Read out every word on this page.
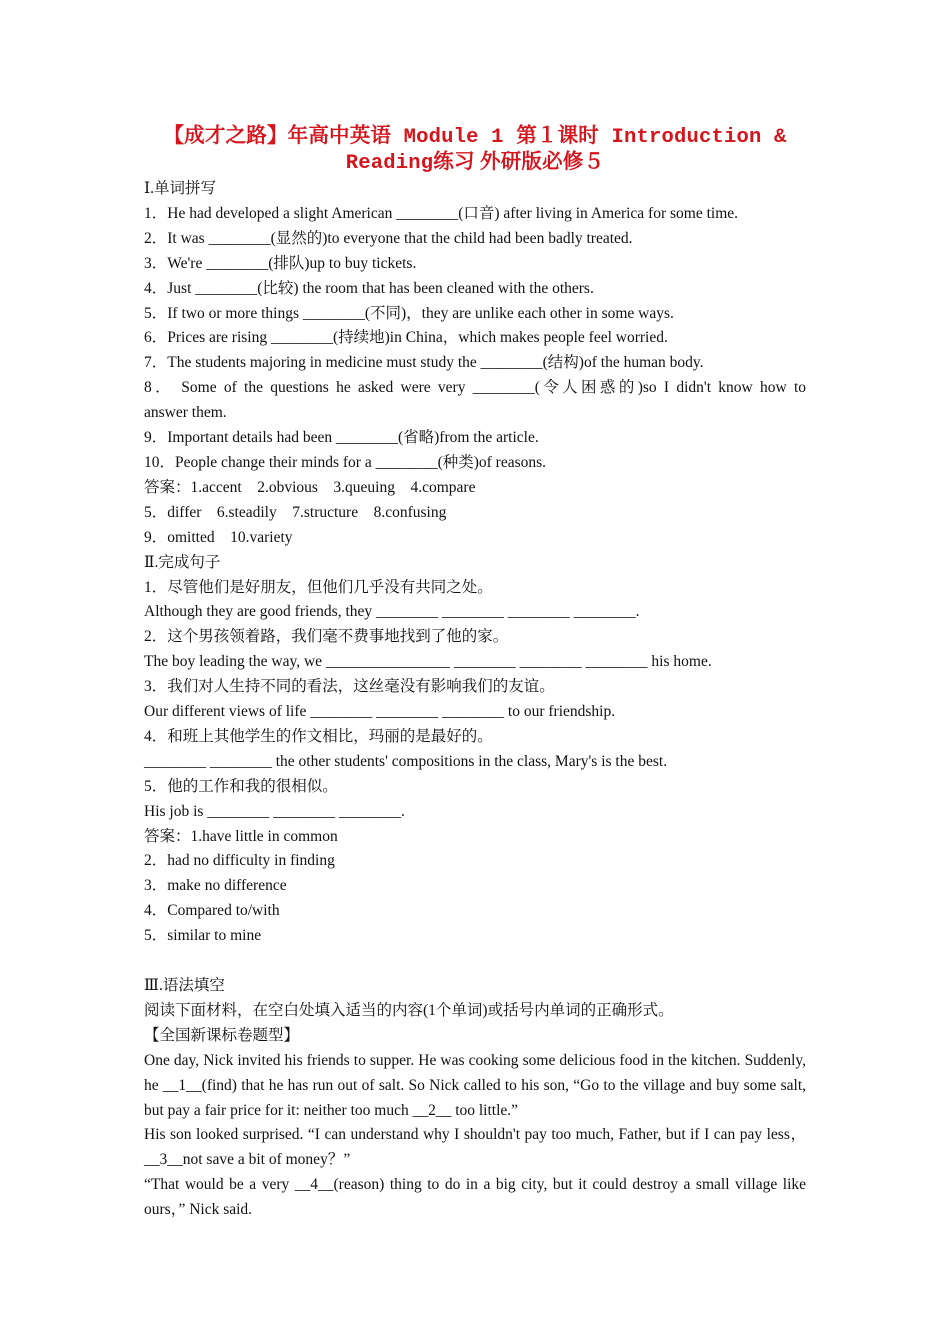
【成才之路】年高中英语 Module 1 第１课时 Introduction &
Reading练习 外研版必修５
Ⅰ.单词拼写
1．He had developed a slight American ________(口音) after living in America for some time.
2．It was ________(显然的)to everyone that the child had been badly treated.
3．We're ________(排队)up to buy tickets.
4．Just ________(比较) the room that has been cleaned with the others.
5．If two or more things ________(不同)，they are unlike each other in some ways.
6．Prices are rising ________(持续地)in China，which makes people feel worried.
7．The students majoring in medicine must study the ________(结构)of the human body.
8． Some of the questions he asked were very ________(令人困惑的)so I didn't know how to
answer them.
9．Important details had been ________(省略)from the article.
10．People change their minds for a ________(种类)of reasons.
答案：1.accent　2.obvious　3.queuing　4.compare
5．differ　6.steadily　7.structure　8.confusing
9．omitted　10.variety
Ⅱ.完成句子
1．尽管他们是好朋友，但他们几乎没有共同之处。
Although they are good friends, they ________ ________ ________ ________.
2．这个男孩领着路，我们毫不费事地找到了他的家。
The boy leading the way, we ________________ ________ ________ ________ his home.
3．我们对人生持不同的看法，这丝毫没有影响我们的友谊。
Our different views of life ________ ________ ________ to our friendship.
4．和班上其他学生的作文相比，玛丽的是最好的。
________ ________ the other students' compositions in the class, Mary's is the best.
5．他的工作和我的很相似。
His job is ________ ________ ________.
答案：1.have little in common
2．had no difficulty in finding
3．make no difference
4．Compared to/with
5．similar to mine
Ⅲ.语法填空
阅读下面材料，在空白处填入适当的内容(1个单词)或括号内单词的正确形式。
【全国新课标卷题型】
One day, Nick invited his friends to supper. He was cooking some delicious food in the kitchen. Suddenly, he __1__(find) that he has run out of salt. So Nick called to his son, “Go to the village and buy some salt, but pay a fair price for it: neither too much __2__ too little.”
His son looked surprised. “I can understand why I shouldn't pay too much, Father, but if I can pay less，__3__not save a bit of money？”
“That would be a very __4__(reason) thing to do in a big city, but it could destroy a small village like ours，” Nick said.
